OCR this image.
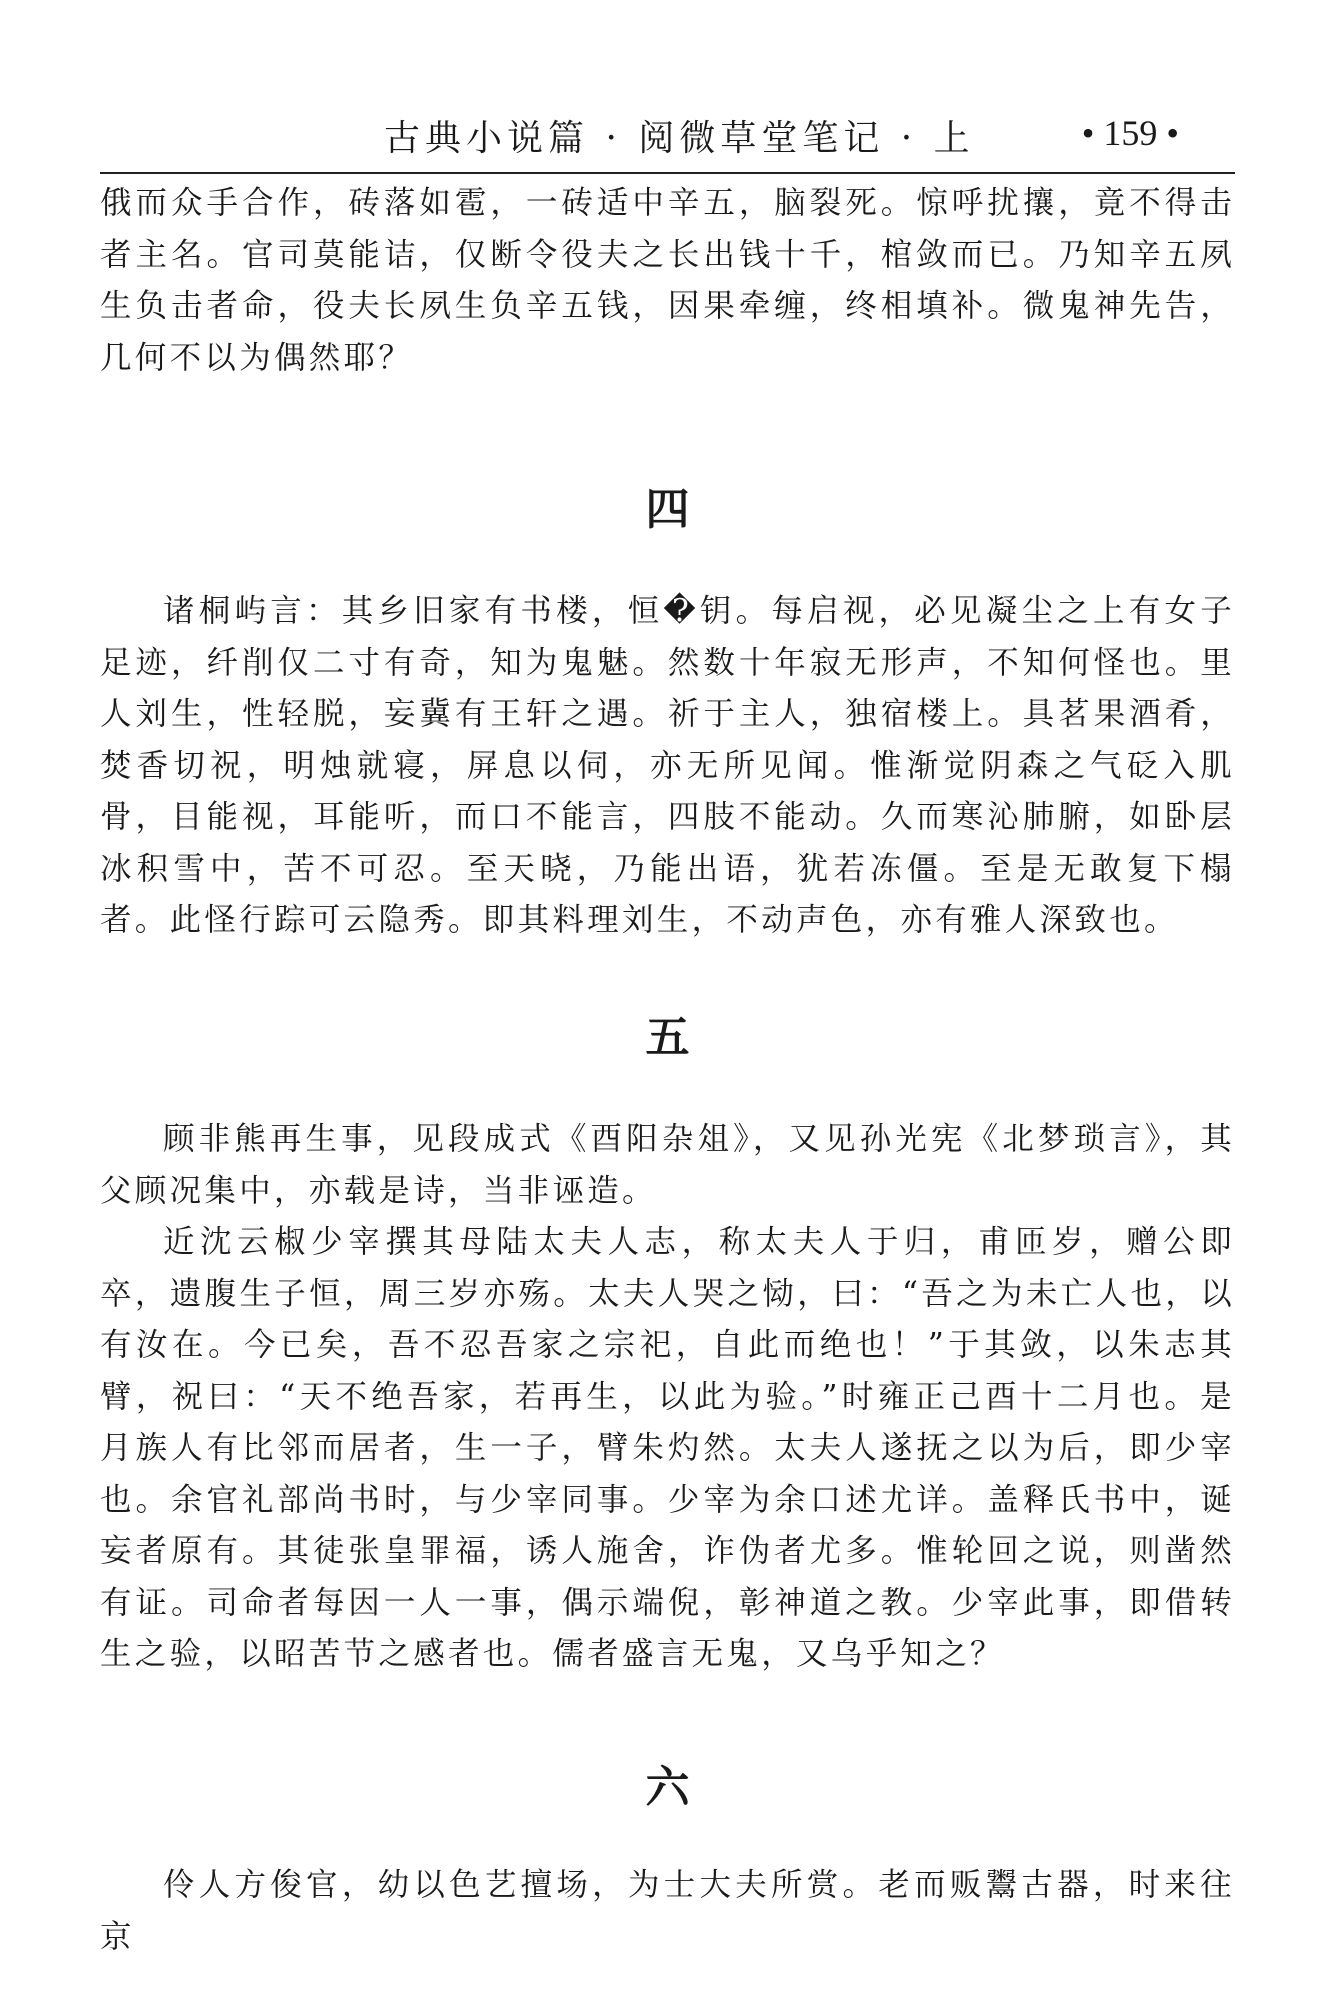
古典小说篇 · 阅微草堂笔记 · 上	• 159 •

俄而众手合作，砖落如雹，一砖适中辛五，脑裂死。惊呼扰攘，竟不得击者主名。官司莫能诘，仅断令役夫之长出钱十千，棺敛而已。乃知辛五夙生负击者命，役夫长夙生负辛五钱，因果牵缠，终相填补。微鬼神先告，几何不以为偶然耶？

四

诸桐屿言：其乡旧家有书楼，恒�钥。每启视，必见凝尘之上有女子足迹，纤削仅二寸有奇，知为鬼魅。然数十年寂无形声，不知何怪也。里人刘生，性轻脱，妄冀有王轩之遇。祈于主人，独宿楼上。具茗果酒肴，焚香切祝，明烛就寝，屏息以伺，亦无所见闻。惟渐觉阴森之气砭入肌骨，目能视，耳能听，而口不能言，四肢不能动。久而寒沁肺腑，如卧层冰积雪中，苦不可忍。至天晓，乃能出语，犹若冻僵。至是无敢复下榻者。此怪行踪可云隐秀。即其料理刘生，不动声色，亦有雅人深致也。

五

顾非熊再生事，见段成式《酉阳杂俎》，又见孙光宪《北梦琐言》，其父顾况集中，亦载是诗，当非诬造。

近沈云椒少宰撰其母陆太夫人志，称太夫人于归，甫匝岁，赠公即卒，遗腹生子恒，周三岁亦殇。太夫人哭之恸，曰：“吾之为未亡人也，以有汝在。今已矣，吾不忍吾家之宗祀，自此而绝也！”于其敛，以朱志其臂，祝曰：“天不绝吾家，若再生，以此为验。”时雍正己酉十二月也。是月族人有比邻而居者，生一子，臂朱灼然。太夫人遂抚之以为后，即少宰也。余官礼部尚书时，与少宰同事。少宰为余口述尤详。盖释氏书中，诞妄者原有。其徒张皇罪福，诱人施舍，诈伪者尤多。惟轮回之说，则凿然有证。司命者每因一人一事，偶示端倪，彰神道之教。少宰此事，即借转生之验，以昭苦节之感者也。儒者盛言无鬼，又乌乎知之？

六

伶人方俊官，幼以色艺擅场，为士大夫所赏。老而贩鬻古器，时来往京
